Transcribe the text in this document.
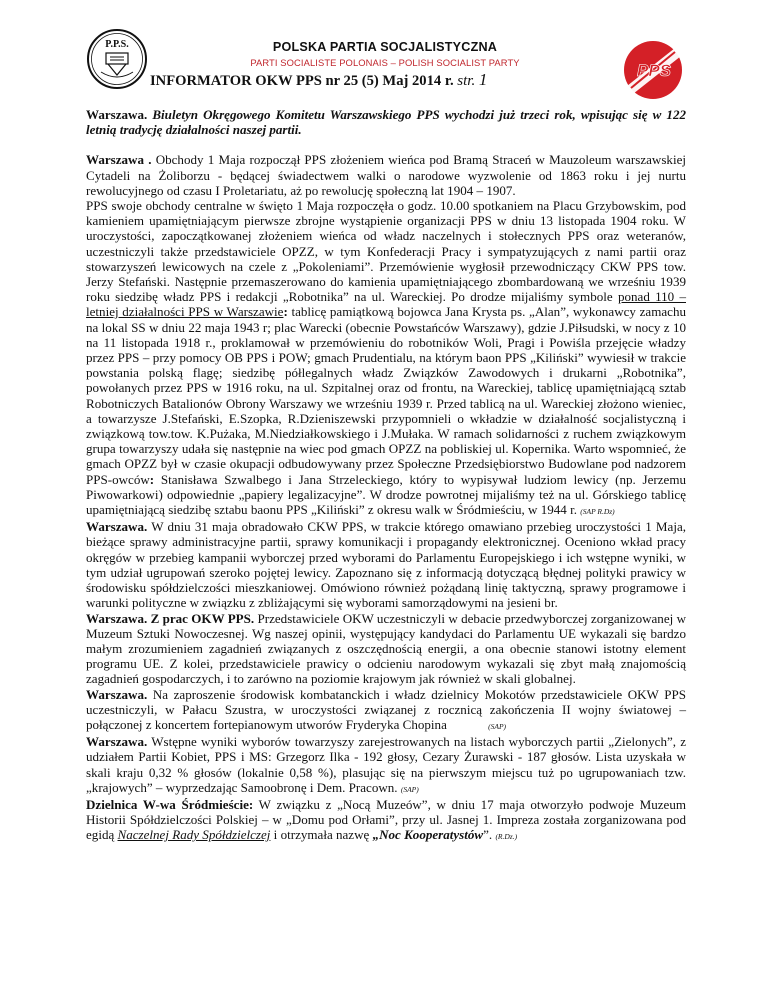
P.P.S.
PPS
POLSKA PARTIA SOCJALISTYCZNA
PARTI SOCIALISTE POLONAIS – POLISH SOCIALIST PARTY
INFORMATOR OKW PPS nr 25 (5) Maj 2014 r. str. 1

Warszawa. Biuletyn Okręgowego Komitetu Warszawskiego PPS wychodzi już trzeci rok, wpisując się w 122 letnią tradycję działalności naszej partii.

Warszawa . Obchody 1 Maja rozpoczął PPS złożeniem wieńca pod Bramą Straceń w Mauzoleum warszawskiej Cytadeli na Żoliborzu - będącej świadectwem walki o narodowe wyzwolenie od 1863 roku i jej nurtu rewolucyjnego od czasu I Proletariatu, aż po rewolucję społeczną lat 1904 – 1907.

PPS swoje obchody centralne w święto 1 Maja rozpoczęła o godz. 10.00 spotkaniem na Placu Grzybowskim, pod kamieniem upamiętniającym pierwsze zbrojne wystąpienie organizacji PPS w dniu 13 listopada 1904 roku. W uroczystości, zapoczątkowanej złożeniem wieńca od władz naczelnych i stołecznych PPS oraz weteranów, uczestniczyli także przedstawiciele OPZZ, w tym Konfederacji Pracy i sympatyzujących z nami partii oraz stowarzyszeń lewicowych na czele z „Pokoleniami”. Przemówienie wygłosił przewodniczący CKW PPS tow. Jerzy Stefański. Następnie przemaszerowano do kamienia upamiętniającego zbombardowaną we wrześniu 1939 roku siedzibę władz PPS i redakcji „Robotnika” na ul. Wareckiej. Po drodze mijaliśmy symbole ponad 110 – letniej działalności PPS w Warszawie: tablicę pamiątkową bojowca Jana Krysta ps. „Alan”, wykonawcy zamachu na lokal SS w dniu 22 maja 1943 r; plac Warecki (obecnie Powstańców Warszawy), gdzie J.Piłsudski, w nocy z 10 na 11 listopada 1918 r., proklamował w przemówieniu do robotników Woli, Pragi i Powiśla przejęcie władzy przez PPS – przy pomocy OB PPS i POW; gmach Prudentialu, na którym baon PPS „Kiliński” wywiesił w trakcie powstania polską flagę; siedzibę półlegalnych władz Związków Zawodowych i drukarni „Robotnika”, powołanych przez PPS w 1916 roku, na ul. Szpitalnej oraz od frontu, na Wareckiej, tablicę upamiętniającą sztab Robotniczych Batalionów Obrony Warszawy we wrześniu 1939 r. Przed tablicą na ul. Wareckiej złożono wieniec, a towarzysze J.Stefański, E.Szopka, R.Dzieniszewski przypomnieli o wkładzie w działalność socjalistyczną i związkową tow.tow. K.Pużaka, M.Niedziałkowskiego i J.Mułaka. W ramach solidarności z ruchem związkowym grupa towarzyszy udała się następnie na wiec pod gmach OPZZ na pobliskiej ul. Kopernika. Warto wspomnieć, że gmach OPZZ był w czasie okupacji odbudowywany przez Społeczne Przedsiębiorstwo Budowlane pod nadzorem PPS-owców: Stanisława Szwalbego i Jana Strzeleckiego, który to wypisywał ludziom lewicy (np. Jerzemu Piwowarkowi) odpowiednie „papiery legalizacyjne”. W drodze powrotnej mijaliśmy też na ul. Górskiego tablicę upamiętniającą siedzibę sztabu baonu PPS „Kiliński” z okresu walk w Śródmieściu, w 1944 r. (SAP R.Dz)

Warszawa. W dniu 31 maja obradowało CKW PPS, w trakcie którego omawiano przebieg uroczystości 1 Maja, bieżące sprawy administracyjne partii, sprawy komunikacji i propagandy elektronicznej. Oceniono wkład pracy okręgów w przebieg kampanii wyborczej przed wyborami do Parlamentu Europejskiego i ich wstępne wyniki, w tym udział ugrupowań szeroko pojętej lewicy. Zapoznano się z informacją dotyczącą błędnej polityki prawicy w środowisku spółdzielczości mieszkaniowej. Omówiono również pożądaną linię taktyczną, sprawy programowe i warunki polityczne w związku z zbliżającymi się wyborami samorządowymi na jesieni br.

Warszawa. Z prac OKW PPS. Przedstawiciele OKW uczestniczyli w debacie przedwyborczej zorganizowanej w Muzeum Sztuki Nowoczesnej. Wg naszej opinii, występujący kandydaci do Parlamentu UE wykazali się bardzo małym zrozumieniem zagadnień związanych z oszczędnością energii, a ona obecnie stanowi istotny element programu UE. Z kolei, przedstawiciele prawicy o odcieniu narodowym wykazali się zbyt małą znajomością zagadnień gospodarczych, i to zarówno na poziomie krajowym jak również w skali globalnej.

Warszawa. Na zaproszenie środowisk kombatanckich i władz dzielnicy Mokotów przedstawiciele OKW PPS uczestniczyli, w Pałacu Szustra, w uroczystości związanej z rocznicą zakończenia II wojny światowej – połączonej z koncertem fortepianowym utworów Fryderyka Chopina	(SAP)

Warszawa. Wstępne wyniki wyborów towarzyszy zarejestrowanych na listach wyborczych partii „Zielonych”, z udziałem Partii Kobiet, PPS i MS: Grzegorz Ilka - 192 głosy, Cezary Żurawski - 187 głosów. Lista uzyskała w skali kraju 0,32 % głosów (lokalnie 0,58 %), plasując się na pierwszym miejscu tuż po ugrupowaniach tzw. „krajowych” – wyprzedzając Samoobronę i Dem. Pracown. (SAP)

Dzielnica W-wa Śródmieście: W związku z „Nocą Muzeów”, w dniu 17 maja otworzyło podwoje Muzeum Historii Spółdzielczości Polskiej – w „Domu pod Orłami”, przy ul. Jasnej 1. Impreza została zorganizowana pod egidą Naczelnej Rady Spółdzielczej i otrzymała nazwę „Noc Kooperatystów”. (R.Dz.)
